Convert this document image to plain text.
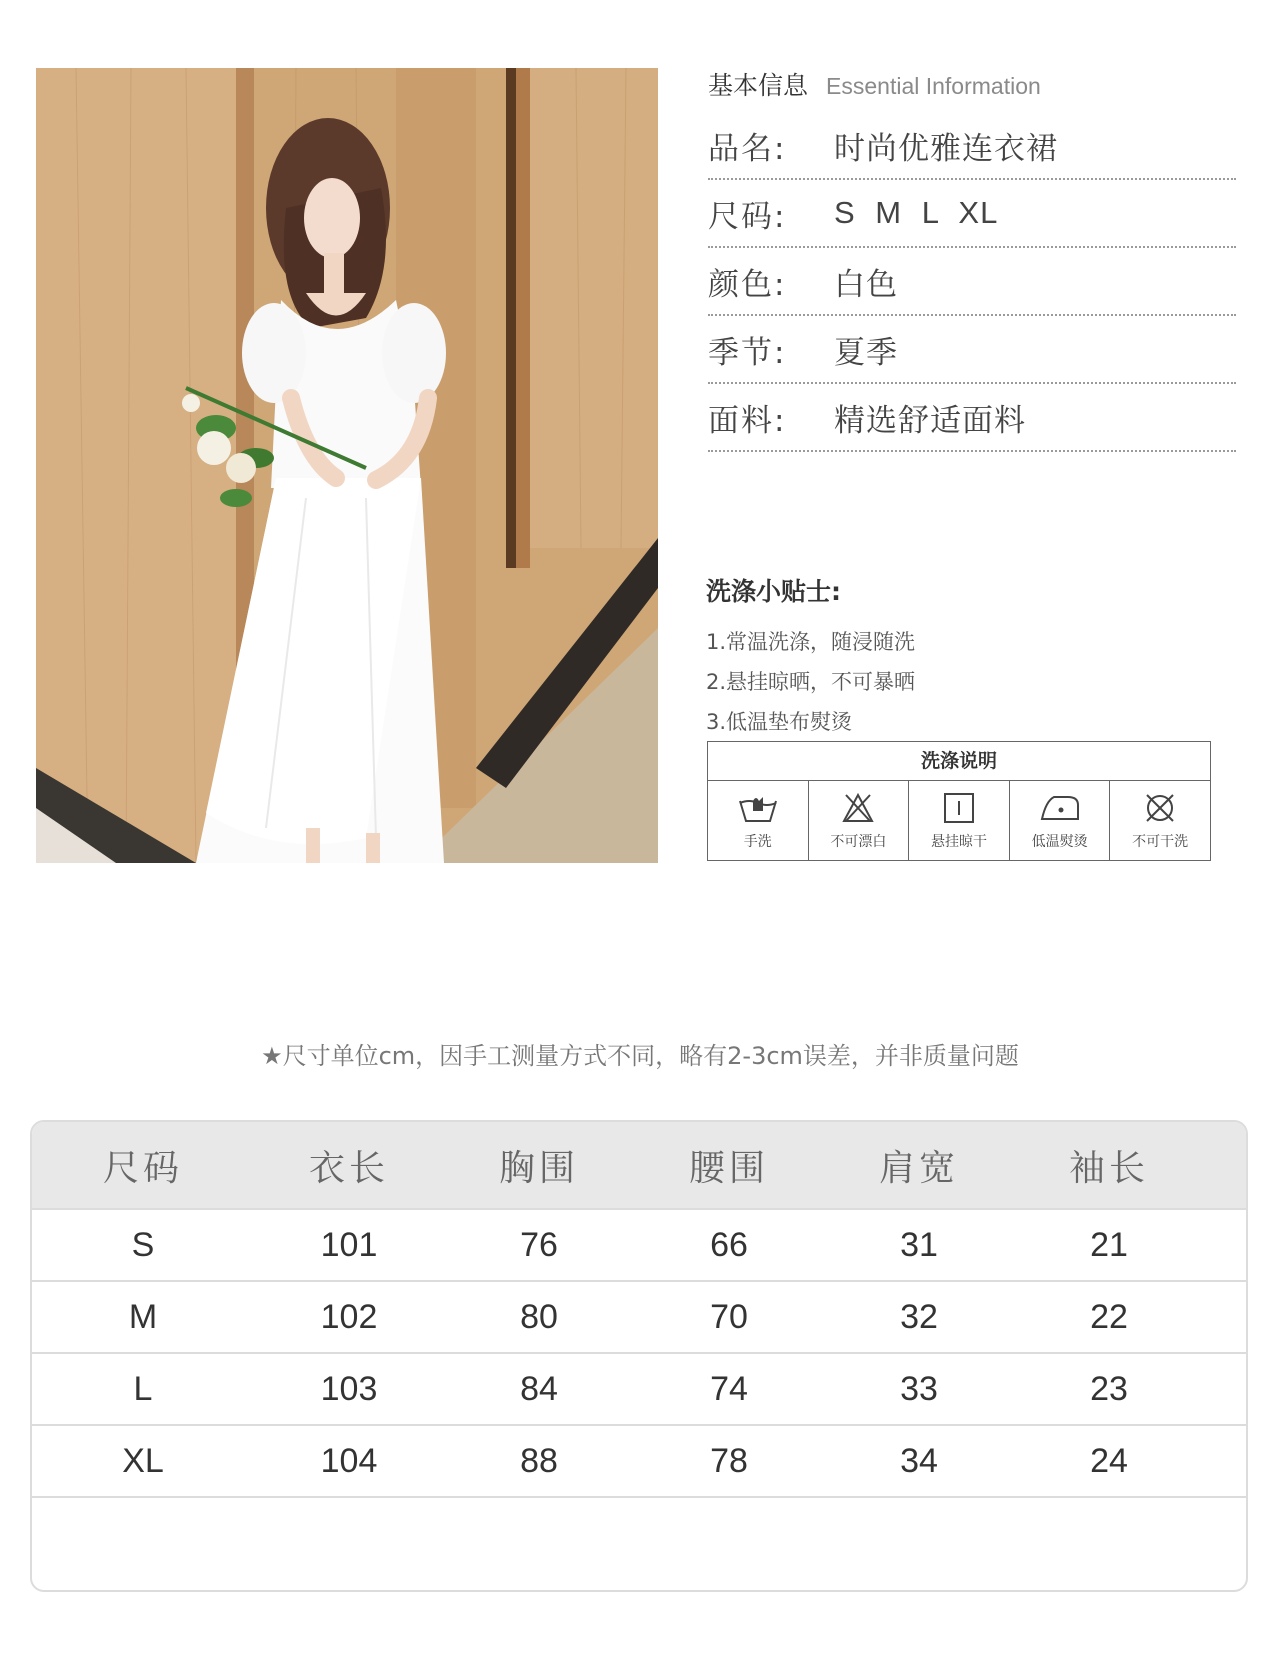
基本信息 Essential Information
品名:	时尚优雅连衣裙
尺码:	S M L XL
颜色:	白色
季节:	夏季
面料:	精选舒适面料
洗涤小贴士:
1.常温洗涤，随浸随洗
2.悬挂晾晒，不可暴晒
3.低温垫布熨烫
洗涤说明
手洗	不可漂白	悬挂晾干	低温熨烫	不可干洗
★尺寸单位cm，因手工测量方式不同，略有2-3cm误差，并非质量问题
尺码	衣长	胸围	腰围	肩宽	袖长
S	101	76	66	31	21
M	102	80	70	32	22
L	103	84	74	33	23
XL	104	88	78	34	24
